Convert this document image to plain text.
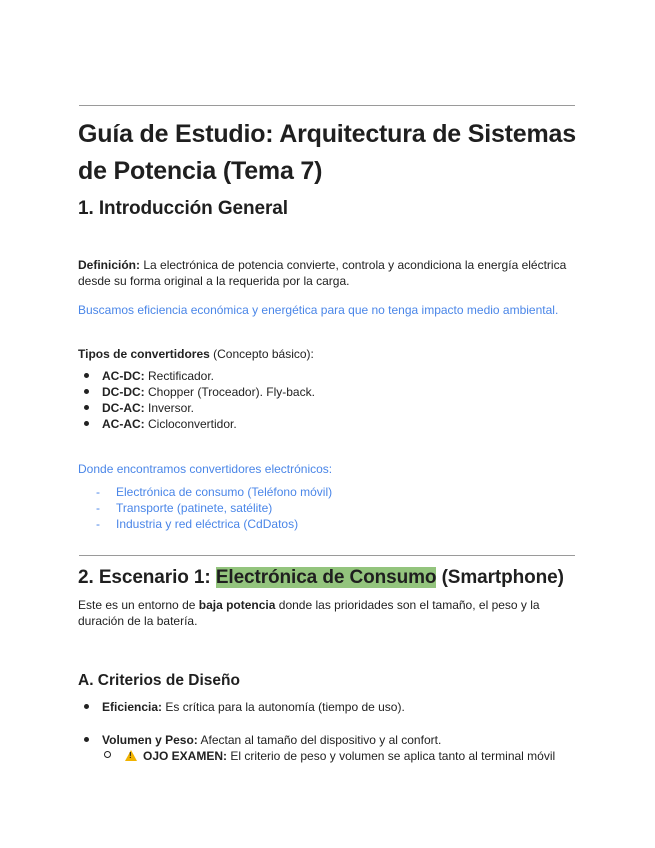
Guía de Estudio: Arquitectura de Sistemas de Potencia (Tema 7)
1. Introducción General

Definición: La electrónica de potencia convierte, controla y acondiciona la energía eléctrica desde su forma original a la requerida por la carga.

Buscamos eficiencia económica y energética para que no tenga impacto medio ambiental.

Tipos de convertidores (Concepto básico):

AC-DC: Rectificador.
DC-DC: Chopper (Troceador). Fly-back.
DC-AC: Inversor.
AC-AC: Cicloconvertidor.

Donde encontramos convertidores electrónicos:

- Electrónica de consumo (Teléfono móvil)
- Transporte (patinete, satélite)
- Industria y red eléctrica (CdDatos)
2. Escenario 1: Electrónica de Consumo (Smartphone)

Este es un entorno de baja potencia donde las prioridades son el tamaño, el peso y la duración de la batería.

A. Criterios de Diseño
Eficiencia: Es crítica para la autonomía (tiempo de uso).
Volumen y Peso: Afectan al tamaño del dispositivo y al confort.
!OJO EXAMEN: El criterio de peso y volumen se aplica tanto al terminal móvil
